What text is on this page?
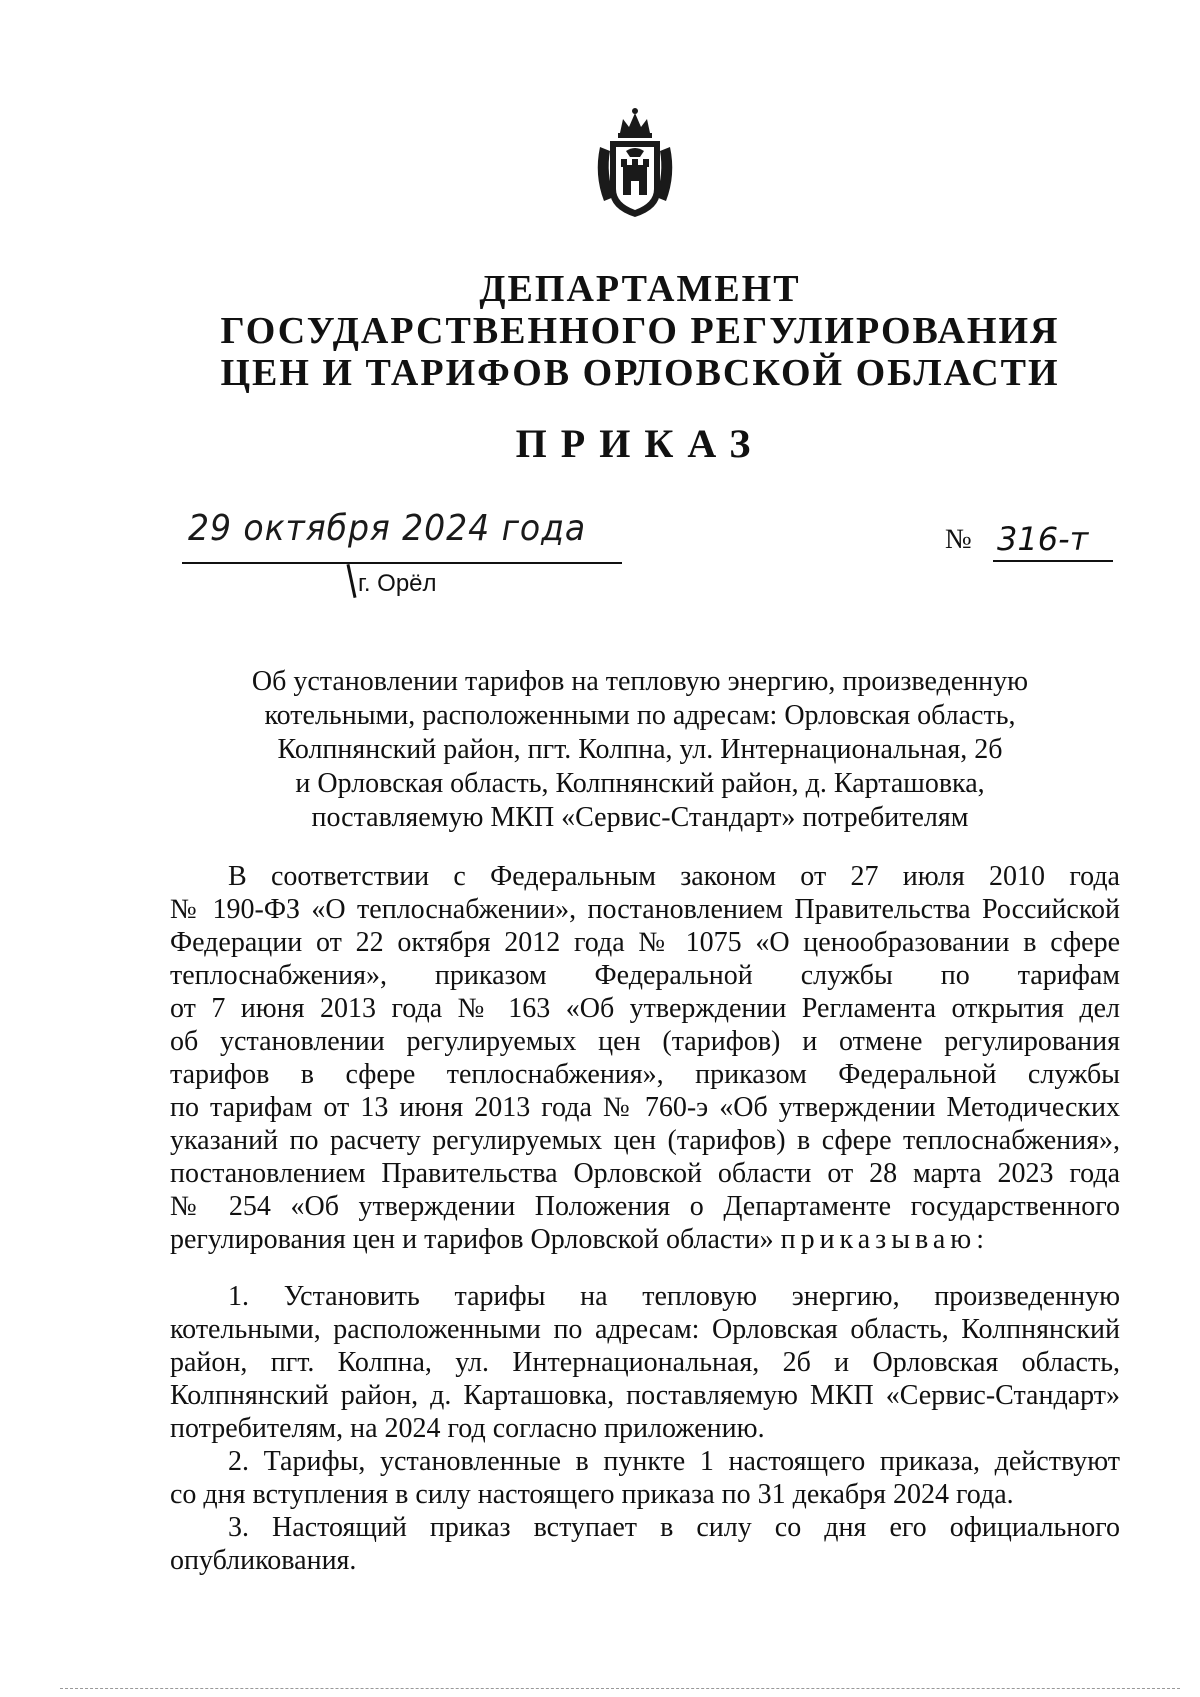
ДЕПАРТАМЕНТ
ГОСУДАРСТВЕННОГО РЕГУЛИРОВАНИЯ
ЦЕН И ТАРИФОВ ОРЛОВСКОЙ ОБЛАСТИ
ПРИКАЗ
29 октября 2024 года
г. Орёл
№ 316-т
Об установлении тарифов на тепловую энергию, произведенную
котельными, расположенными по адресам: Орловская область,
Колпнянский район, пгт. Колпна, ул. Интернациональная, 2б
и Орловская область, Колпнянский район, д. Карташовка,
поставляемую МКП «Сервис-Стандарт» потребителям
В соответствии с Федеральным законом от 27 июля 2010 года
№ 190-ФЗ «О теплоснабжении», постановлением Правительства Российской
Федерации от 22 октября 2012 года № 1075 «О ценообразовании в сфере
теплоснабжения», приказом Федеральной службы по тарифам
от 7 июня 2013 года № 163 «Об утверждении Регламента открытия дел
об установлении регулируемых цен (тарифов) и отмене регулирования
тарифов в сфере теплоснабжения», приказом Федеральной службы
по тарифам от 13 июня 2013 года № 760-э «Об утверждении Методических
указаний по расчету регулируемых цен (тарифов) в сфере теплоснабжения»,
постановлением Правительства Орловской области от 28 марта 2023 года
№ 254 «Об утверждении Положения о Департаменте государственного
регулирования цен и тарифов Орловской области» приказываю:
1. Установить тарифы на тепловую энергию, произведенную
котельными, расположенными по адресам: Орловская область, Колпнянский
район, пгт. Колпна, ул. Интернациональная, 2б и Орловская область,
Колпнянский район, д. Карташовка, поставляемую МКП «Сервис-Стандарт»
потребителям, на 2024 год согласно приложению.
2. Тарифы, установленные в пункте 1 настоящего приказа, действуют
со дня вступления в силу настоящего приказа по 31 декабря 2024 года.
3. Настоящий приказ вступает в силу со дня его официального
опубликования.
